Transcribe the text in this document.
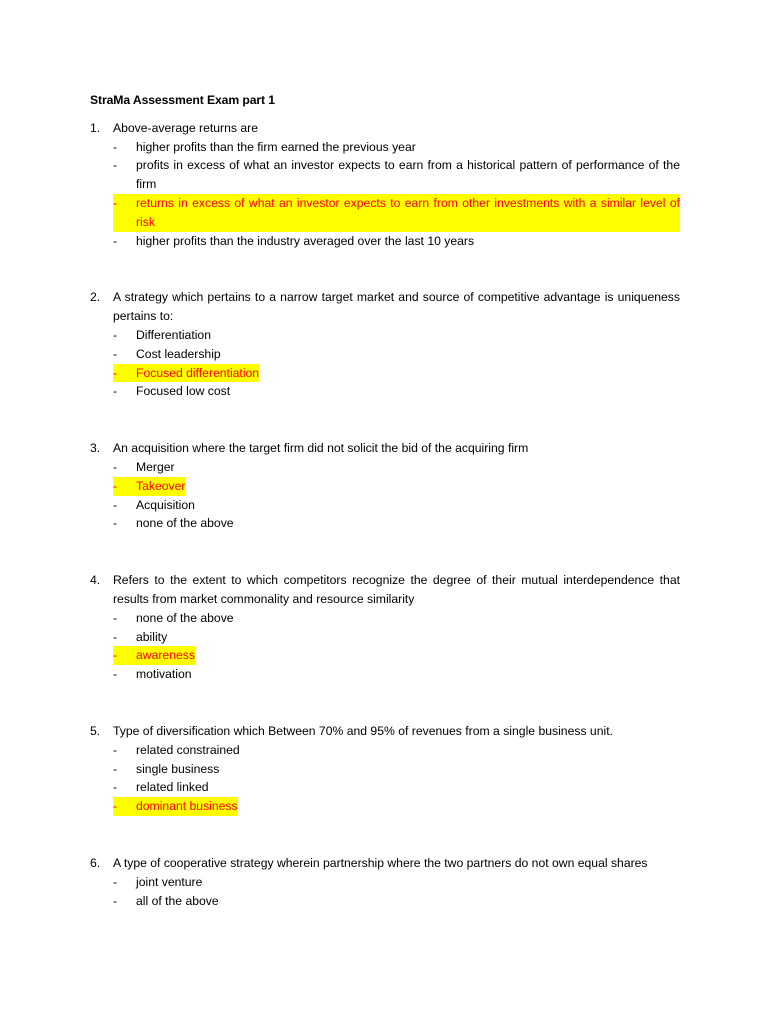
StraMa Assessment Exam part 1
1.	Above-average returns are
-	higher profits than the firm earned the previous year
-	profits in excess of what an investor expects to earn from a historical pattern of performance of the firm
-	returns in excess of what an investor expects to earn from other investments with a similar level of risk
-	higher profits than the industry averaged over the last 10 years
2.	A strategy which pertains to a narrow target market and source of competitive advantage is uniqueness pertains to:
-	Differentiation
-	Cost leadership
-	Focused differentiation
-	Focused low cost
3.	An acquisition where the target firm did not solicit the bid of the acquiring firm
-	Merger
-	Takeover
-	Acquisition
-	none of the above
4.	Refers to the extent to which competitors recognize the degree of their mutual interdependence that results from market commonality and resource similarity
-	none of the above
-	ability
-	awareness
-	motivation
5.	Type of diversification which Between 70% and 95% of revenues from a single business unit.
-	related constrained
-	single business
-	related linked
-	dominant business
6.	A type of cooperative strategy wherein partnership where the two partners do not own equal shares
-	joint venture
-	all of the above
